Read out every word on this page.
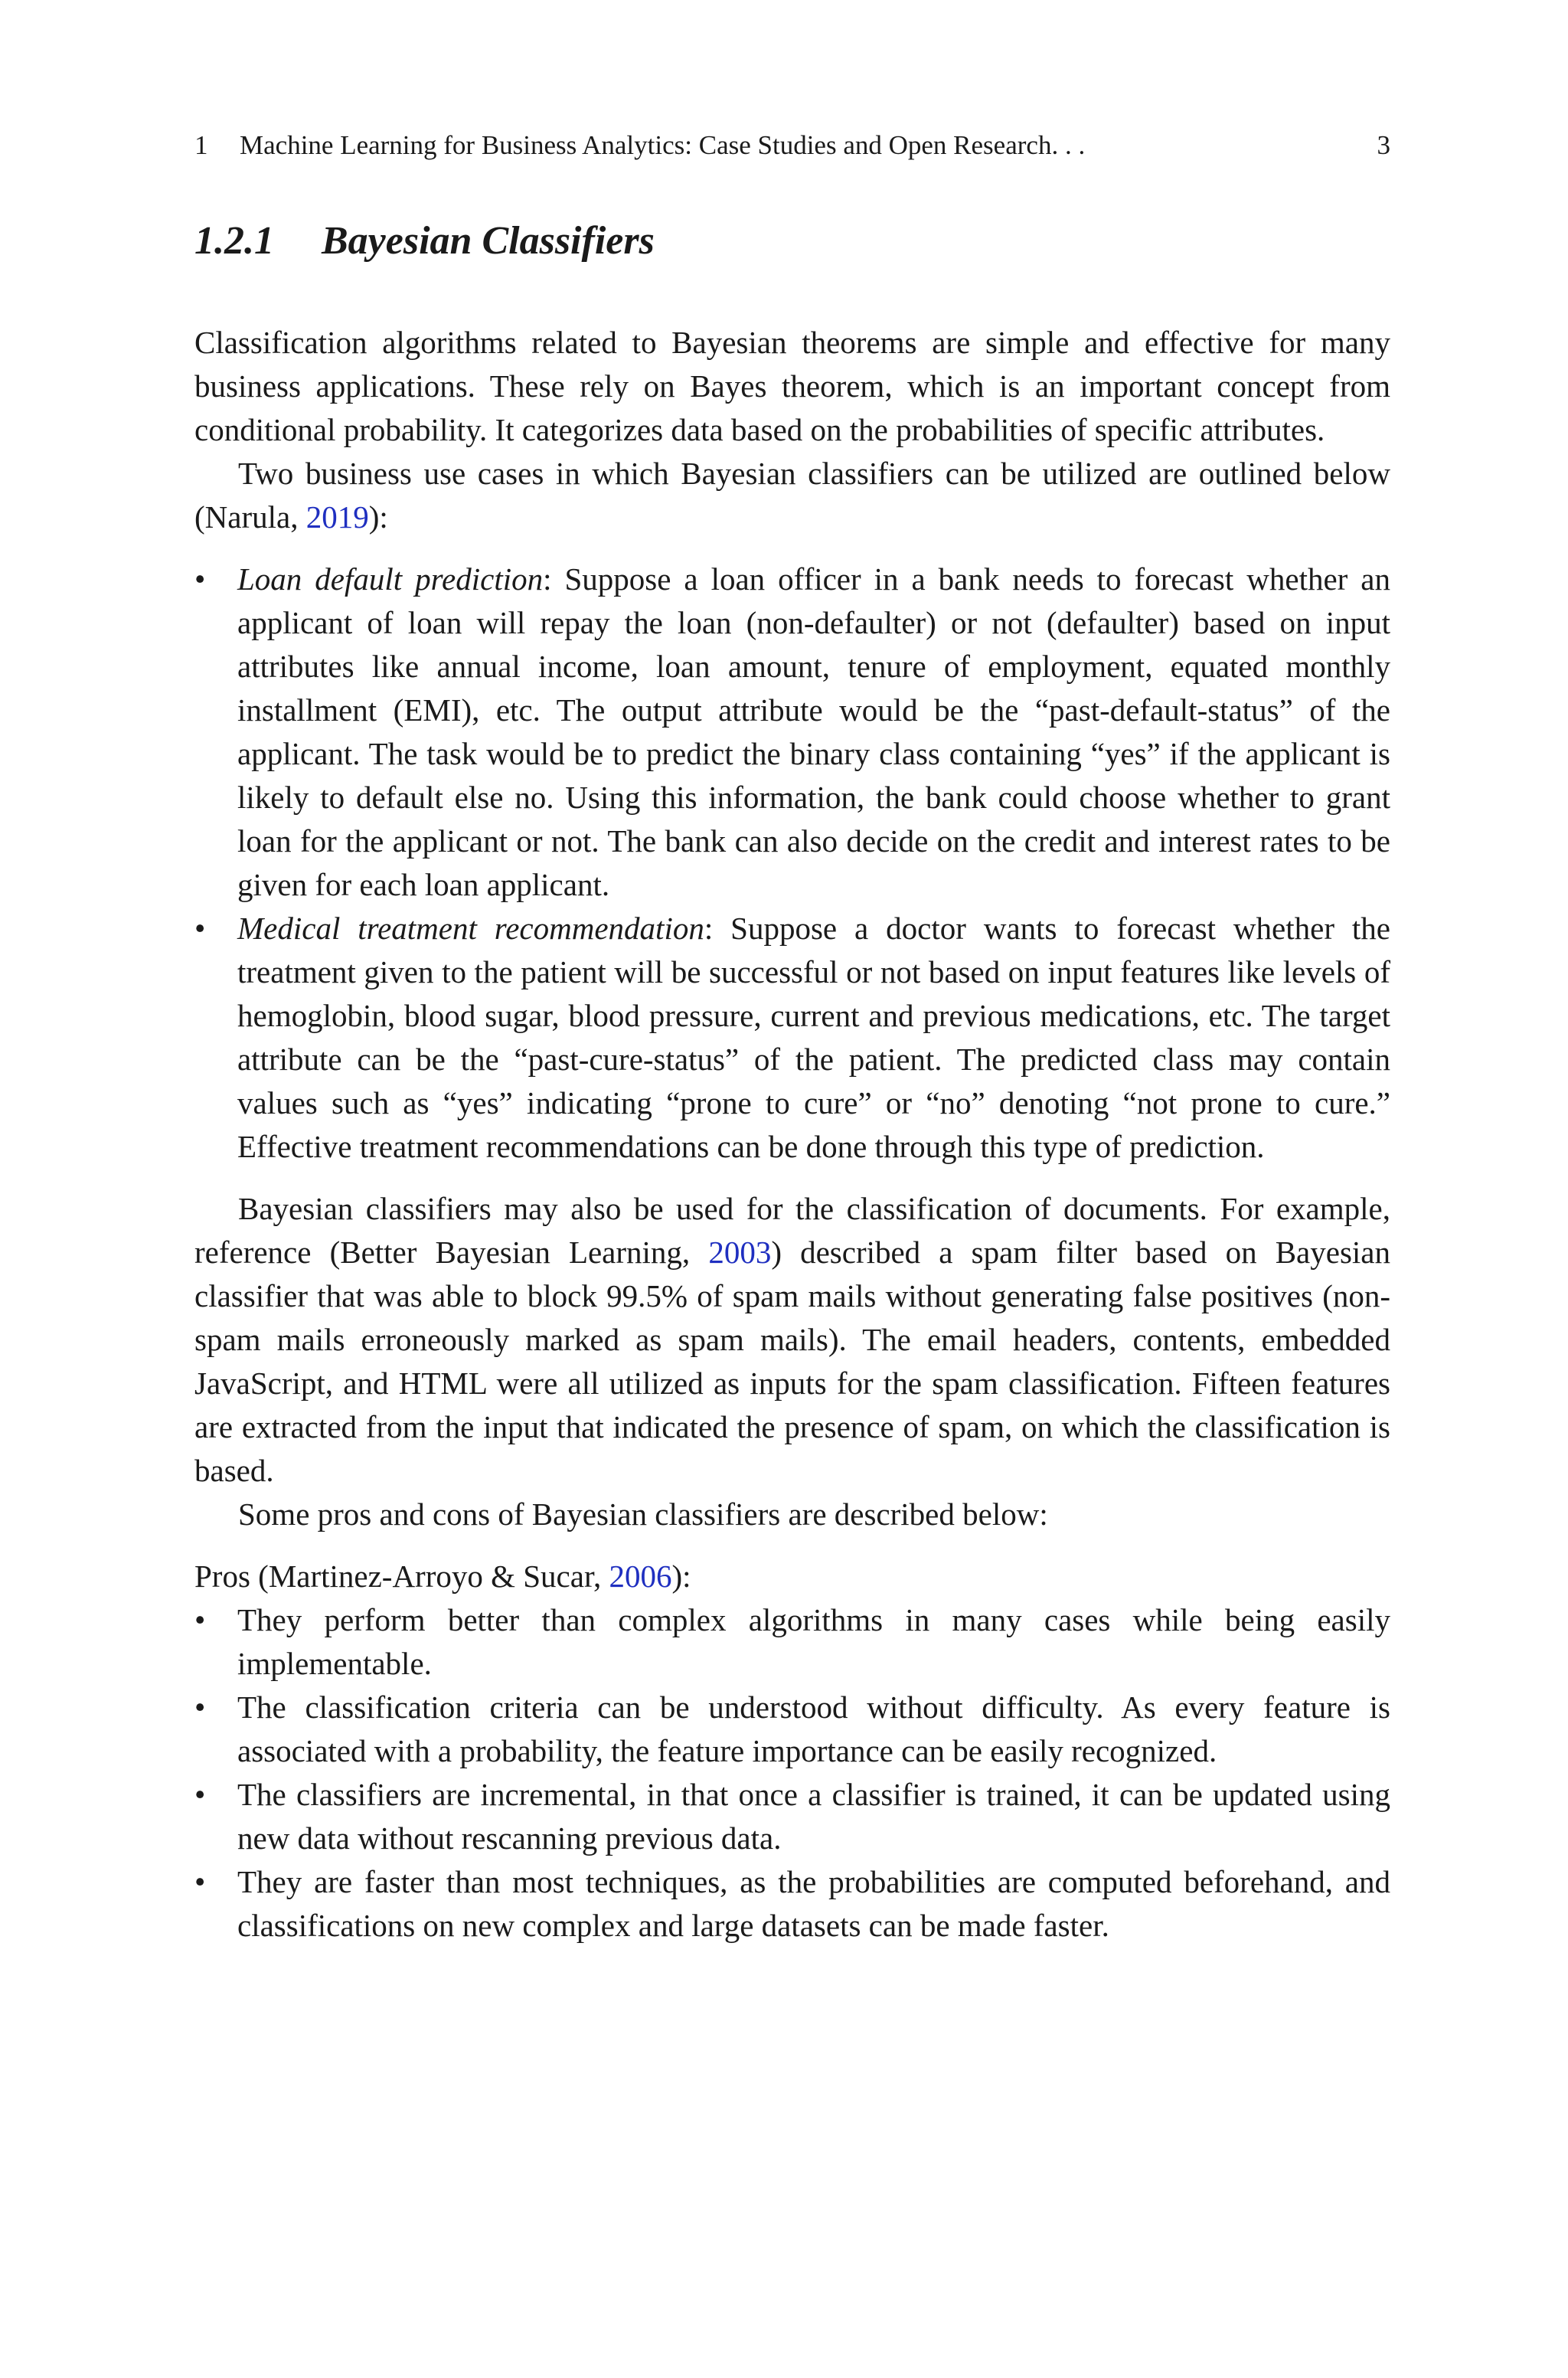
1 Machine Learning for Business Analytics: Case Studies and Open Research. . .	3
1.2.1 Bayesian Classifiers

Classification algorithms related to Bayesian theorems are simple and effective for many business applications. These rely on Bayes theorem, which is an important concept from conditional probability. It categorizes data based on the probabilities of specific attributes.

Two business use cases in which Bayesian classifiers can be utilized are outlined below (Narula, 2019):

• Loan default prediction: Suppose a loan officer in a bank needs to forecast whether an applicant of loan will repay the loan (non-defaulter) or not (defaulter) based on input attributes like annual income, loan amount, tenure of employment, equated monthly installment (EMI), etc. The output attribute would be the “past-default-status” of the applicant. The task would be to predict the binary class containing “yes” if the applicant is likely to default else no. Using this information, the bank could choose whether to grant loan for the applicant or not. The bank can also decide on the credit and interest rates to be given for each loan applicant.
• Medical treatment recommendation: Suppose a doctor wants to forecast whether the treatment given to the patient will be successful or not based on input features like levels of hemoglobin, blood sugar, blood pressure, current and previous medications, etc. The target attribute can be the “past-cure-status” of the patient. The predicted class may contain values such as “yes” indicating “prone to cure” or “no” denoting “not prone to cure.” Effective treatment recommendations can be done through this type of prediction.

Bayesian classifiers may also be used for the classification of documents. For example, reference (Better Bayesian Learning, 2003) described a spam filter based on Bayesian classifier that was able to block 99.5% of spam mails without generating false positives (non-spam mails erroneously marked as spam mails). The email headers, contents, embedded JavaScript, and HTML were all utilized as inputs for the spam classification. Fifteen features are extracted from the input that indicated the presence of spam, on which the classification is based.

Some pros and cons of Bayesian classifiers are described below:

Pros (Martinez-Arroyo & Sucar, 2006):

• They perform better than complex algorithms in many cases while being easily implementable.
• The classification criteria can be understood without difficulty. As every feature is associated with a probability, the feature importance can be easily recognized.
• The classifiers are incremental, in that once a classifier is trained, it can be updated using new data without rescanning previous data.
• They are faster than most techniques, as the probabilities are computed beforehand, and classifications on new complex and large datasets can be made faster.
